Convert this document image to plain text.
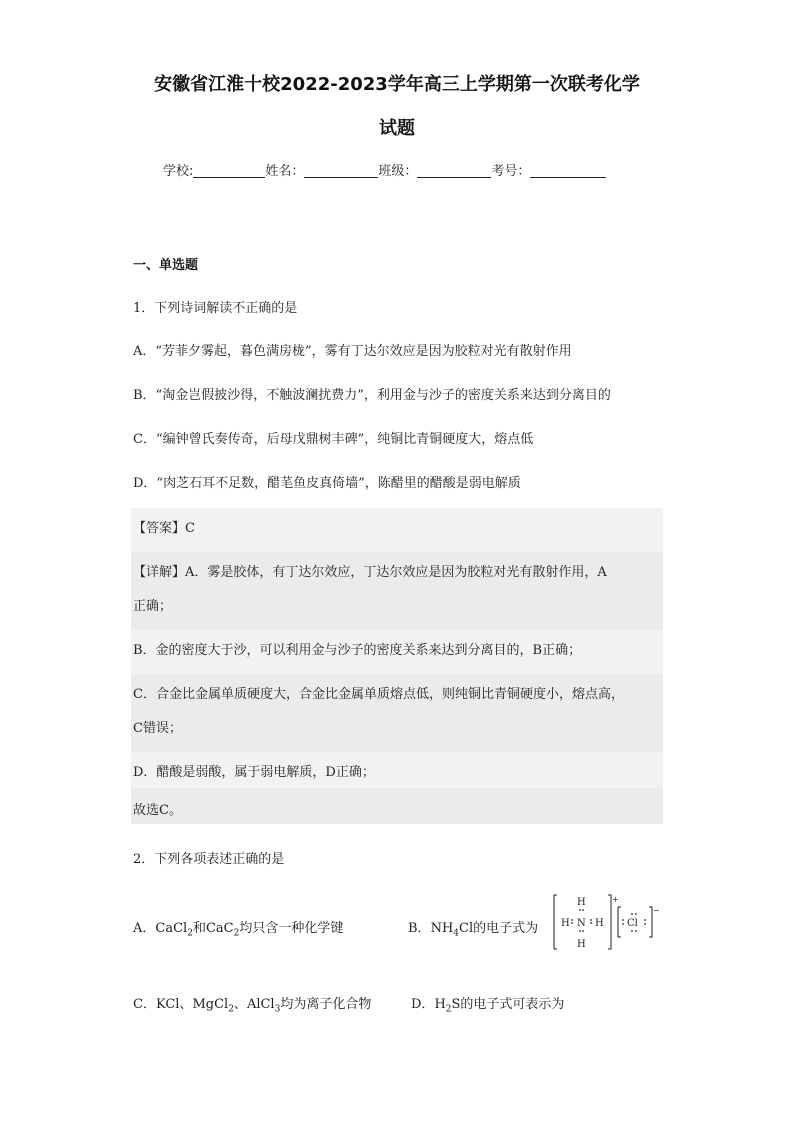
安徽省江淮十校2022-2023学年高三上学期第一次联考化学
试题
学校:	姓名：	班级：	考号：
一、单选题
1．下列诗词解读不正确的是
A．“芳菲夕雾起，暮色满房栊”，雾有丁达尔效应是因为胶粒对光有散射作用
B．“淘金岂假披沙得，不触波澜扰费力”，利用金与沙子的密度关系来达到分离目的
C．“编钟曾氏奏传奇，后母戊鼎树丰碑”，纯铜比青铜硬度大，熔点低
D．“肉芝石耳不足数，醋芼鱼皮真倚墙”，陈醋里的醋酸是弱电解质
【答案】C
【详解】A．雾是胶体，有丁达尔效应，丁达尔效应是因为胶粒对光有散射作用，A
正确；
B．金的密度大于沙，可以利用金与沙子的密度关系来达到分离目的，B正确；
C．合金比金属单质硬度大，合金比金属单质熔点低，则纯铜比青铜硬度小，熔点高，
C错误；
D．醋酸是弱酸，属于弱电解质，D正确；
故选C。
2．下列各项表述正确的是
A．CaCl$_2$和CaC$_2$均只含一种化学键	B．$NH_4Cl$的电子式为
+
H
N
H
H	H
−
Cl
C．KCl、MgCl$_2$、AlCl$_3$均为离子化合物	D．$H_2S$的电子式可表示为
